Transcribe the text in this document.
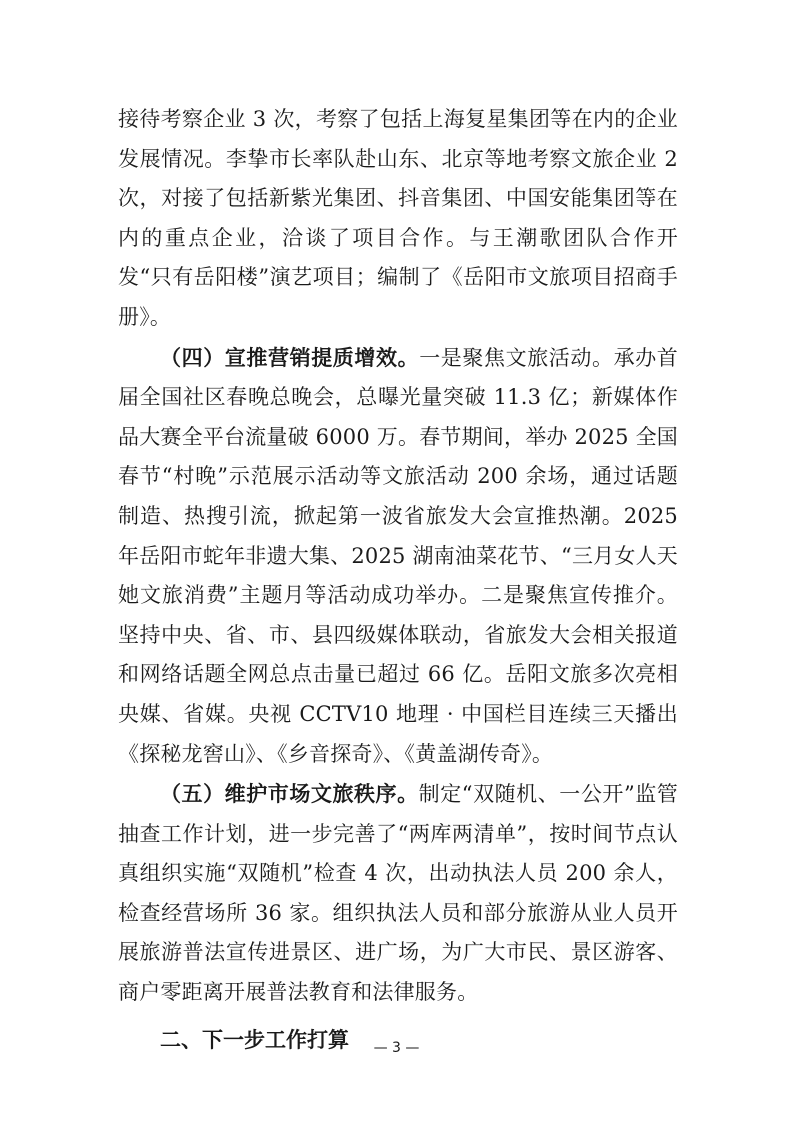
接待考察企业 3 次，考察了包括上海复星集团等在内的企业发展情况。李挚市长率队赴山东、北京等地考察文旅企业 2 次，对接了包括新紫光集团、抖音集团、中国安能集团等在内的重点企业，洽谈了项目合作。与王潮歌团队合作开发“只有岳阳楼”演艺项目；编制了《岳阳市文旅项目招商手册》。

（四）宣推营销提质增效。一是聚焦文旅活动。承办首届全国社区春晚总晚会，总曝光量突破 11.3 亿；新媒体作品大赛全平台流量破 6000 万。春节期间，举办 2025 全国春节“村晚”示范展示活动等文旅活动 200 余场，通过话题制造、热搜引流，掀起第一波省旅发大会宣推热潮。2025 年岳阳市蛇年非遗大集、2025 湖南油菜花节、“三月女人天 她文旅消费”主题月等活动成功举办。二是聚焦宣传推介。坚持中央、省、市、县四级媒体联动，省旅发大会相关报道和网络话题全网总点击量已超过 66 亿。岳阳文旅多次亮相央媒、省媒。央视 CCTV10 地理 · 中国栏目连续三天播出《探秘龙窖山》、《乡音探奇》、《黄盖湖传奇》。

（五）维护市场文旅秩序。制定“双随机、一公开”监管抽查工作计划，进一步完善了“两库两清单”，按时间节点认真组织实施“双随机”检查 4 次，出动执法人员 200 余人，检查经营场所 36 家。组织执法人员和部分旅游从业人员开展旅游普法宣传进景区、进广场，为广大市民、景区游客、商户零距离开展普法教育和法律服务。

二、下一步工作打算	— 3 —
